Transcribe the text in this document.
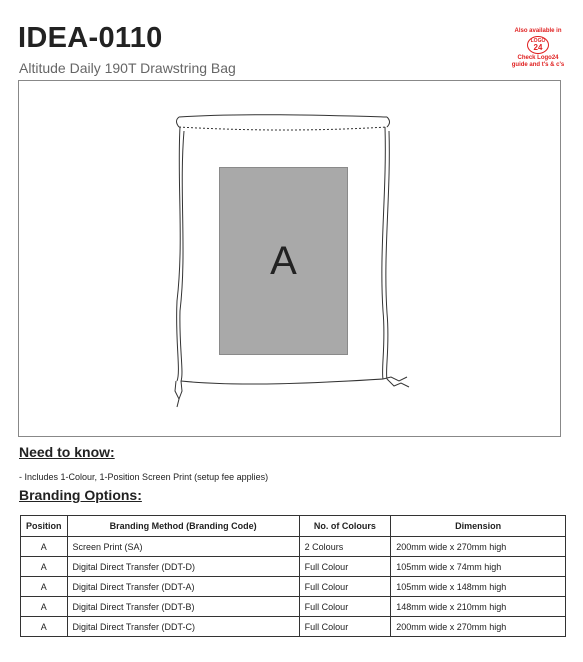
IDEA-0110
Altitude Daily 190T Drawstring Bag
Also available in
LOGO
24
Check Logo24
guide and t's & c's
A
Need to know:
- Includes 1-Colour, 1-Position Screen Print (setup fee applies)
Branding Options:
Position	Branding Method (Branding Code)	No. of Colours	Dimension
A	Screen Print (SA)	2 Colours	200mm wide x 270mm high
A	Digital Direct Transfer (DDT-D)	Full Colour	105mm wide x 74mm high
A	Digital Direct Transfer (DDT-A)	Full Colour	105mm wide x 148mm high
A	Digital Direct Transfer (DDT-B)	Full Colour	148mm wide x 210mm high
A	Digital Direct Transfer (DDT-C)	Full Colour	200mm wide x 270mm high
